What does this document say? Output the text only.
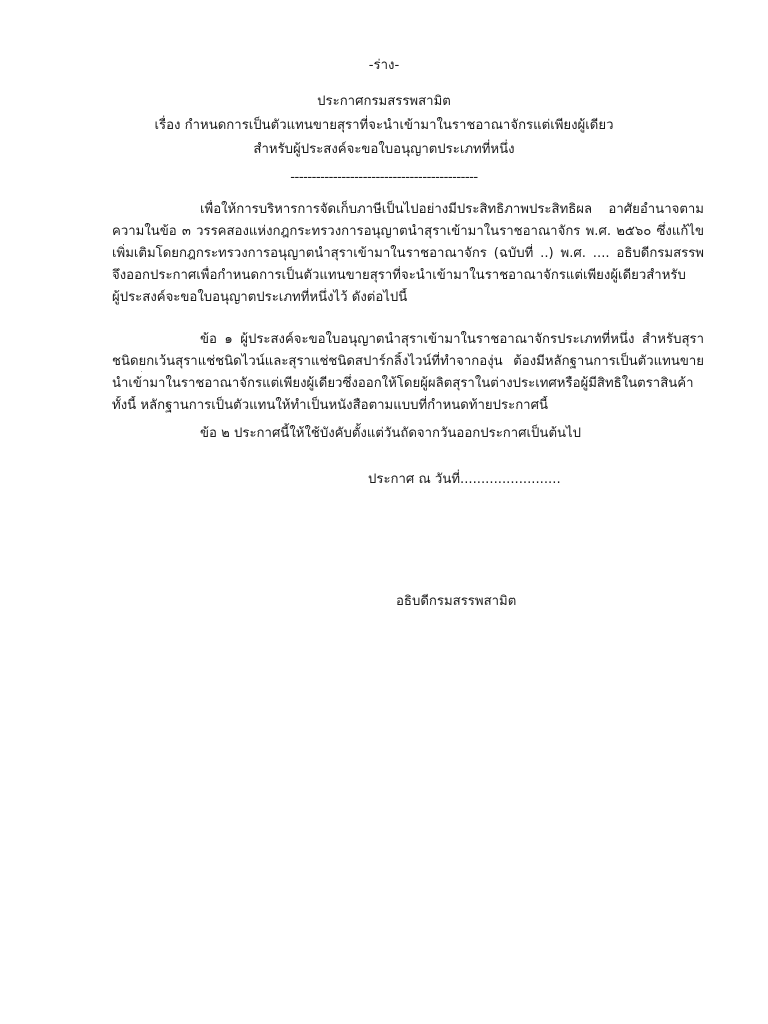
-ร่าง-
ประกาศกรมสรรพสามิต
เรื่อง กำหนดการเป็นตัวแทนขายสุราที่จะนำเข้ามาในราชอาณาจักรแต่เพียงผู้เดียว
สำหรับผู้ประสงค์จะขอใบอนุญาตประเภทที่หนึ่ง
--------------------------------------------
เพื่อให้การบริหารการจัดเก็บภาษีเป็นไปอย่างมีประสิทธิภาพประสิทธิผล อาศัยอำนาจตาม
ความในข้อ ๓ วรรคสองแห่งกฎกระทรวงการอนุญาตนำสุราเข้ามาในราชอาณาจักร พ.ศ. ๒๕๖๐ ซึ่งแก้ไข
เพิ่มเติมโดยกฎกระทรวงการอนุญาตนำสุราเข้ามาในราชอาณาจักร (ฉบับที่ ..) พ.ศ. .... อธิบดีกรมสรรพ
จึงออกประกาศเพื่อกำหนดการเป็นตัวแทนขายสุราที่จะนำเข้ามาในราชอาณาจักรแต่เพียงผู้เดียวสำหรับ
ผู้ประสงค์จะขอใบอนุญาตประเภทที่หนึ่งไว้ ดังต่อไปนี้
ข้อ ๑ ผู้ประสงค์จะขอใบอนุญาตนำสุราเข้ามาในราชอาณาจักรประเภทที่หนึ่ง สำหรับสุรา
ชนิดยกเว้นสุราแช่ชนิดไวน์และสุราแช่ชนิดสปาร์กลิ้งไวน์ที่ทำจากองุ่น ต้องมีหลักฐานการเป็นตัวแทนขาย
นำเข้ามาในราชอาณาจักรแต่เพียงผู้เดียวซึ่งออกให้โดยผู้ผลิตสุราในต่างประเทศหรือผู้มีสิทธิในตราสินค้า
ทั้งนี้ หลักฐานการเป็นตัวแทนให้ทำเป็นหนังสือตามแบบที่กำหนดท้ายประกาศนี้
ข้อ ๒ ประกาศนี้ให้ใช้บังคับตั้งแต่วันถัดจากวันออกประกาศเป็นต้นไป
ประกาศ ณ วันที่........................
อธิบดีกรมสรรพสามิต
